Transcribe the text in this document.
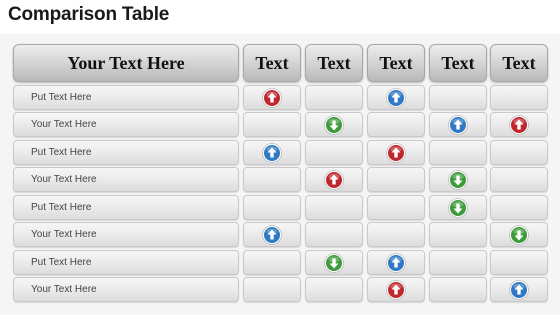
Comparison Table
Your Text Here	Text	Text	Text	Text	Text
Put Text Here
Your Text Here
Put Text Here
Your Text Here
Put Text Here
Your Text Here
Put Text Here
Your Text Here
